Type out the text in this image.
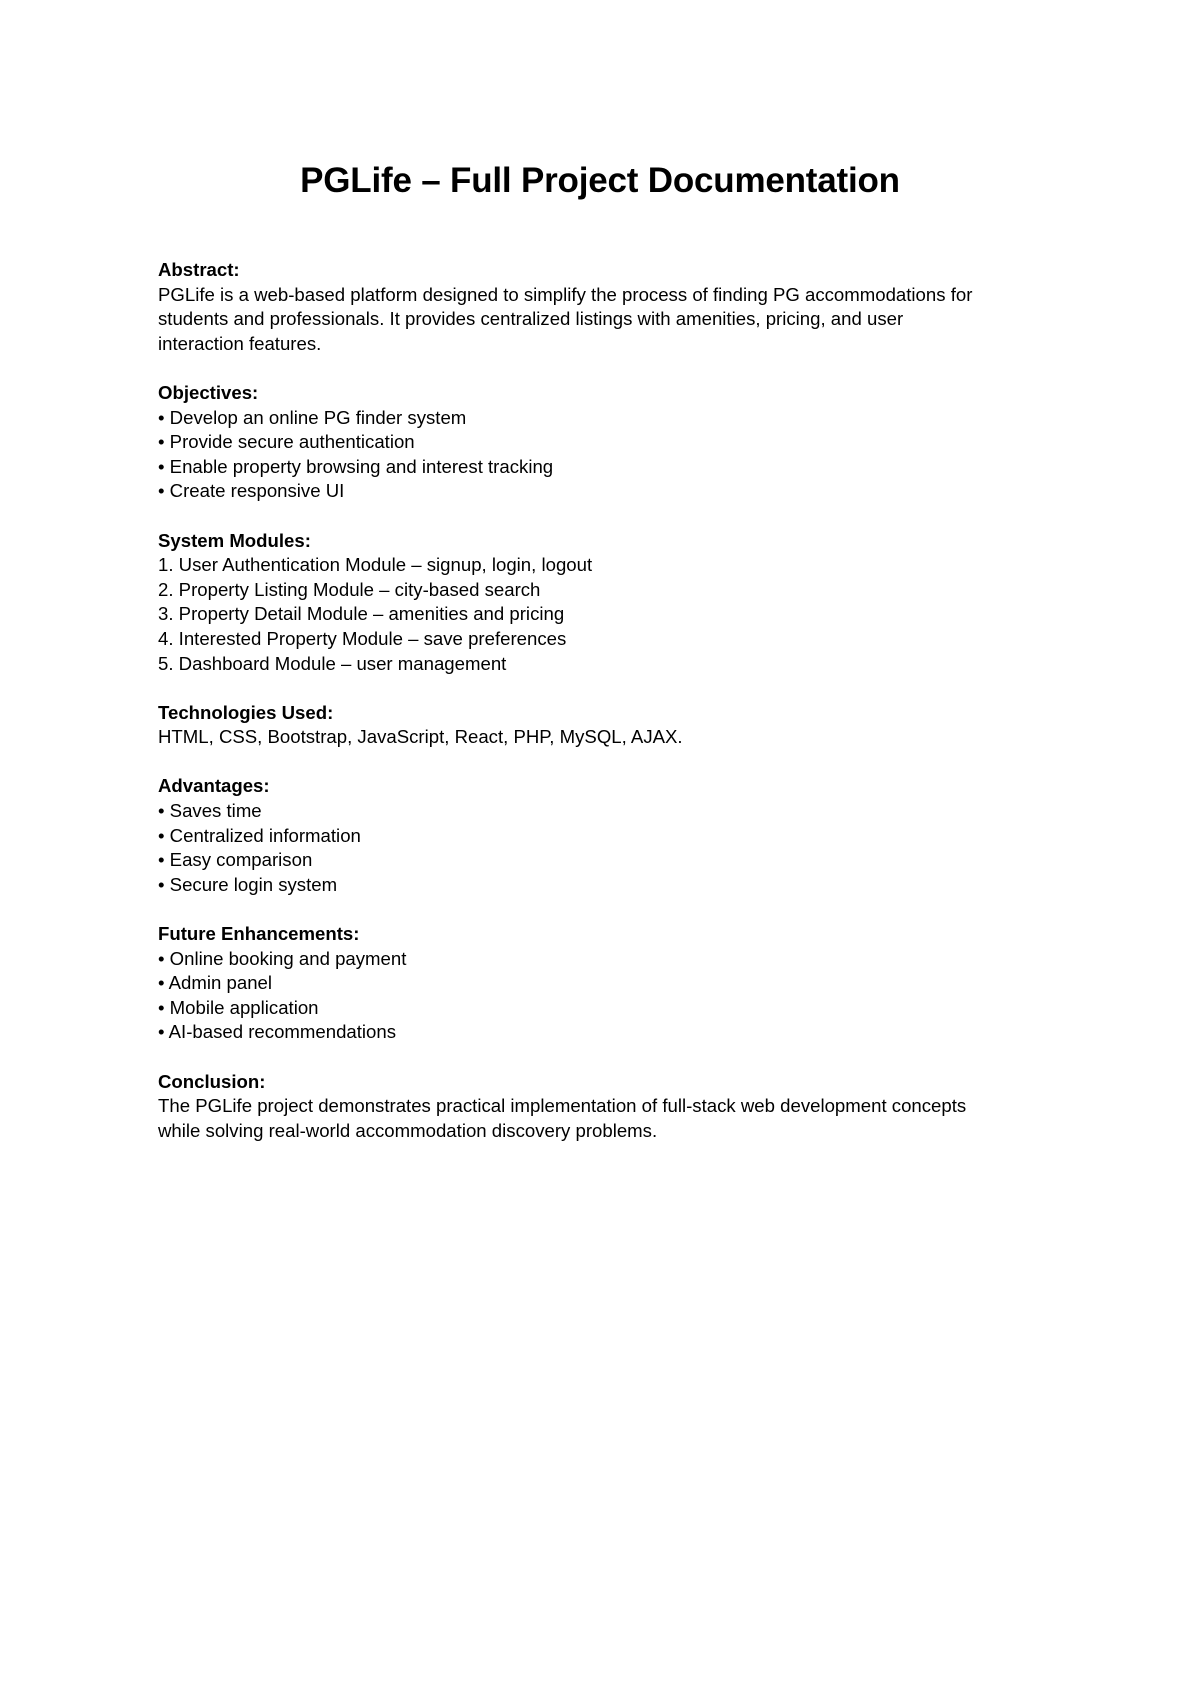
PGLife – Full Project Documentation
Abstract:
PGLife is a web-based platform designed to simplify the process of finding PG accommodations for
students and professionals. It provides centralized listings with amenities, pricing, and user
interaction features.
Objectives:
• Develop an online PG finder system
• Provide secure authentication
• Enable property browsing and interest tracking
• Create responsive UI
System Modules:
1. User Authentication Module – signup, login, logout
2. Property Listing Module – city-based search
3. Property Detail Module – amenities and pricing
4. Interested Property Module – save preferences
5. Dashboard Module – user management
Technologies Used:

HTML, CSS, Bootstrap, JavaScript, React, PHP, MySQL, AJAX.

Advantages:
• Saves time
• Centralized information
• Easy comparison
• Secure login system
Future Enhancements:
• Online booking and payment
• Admin panel
• Mobile application
• AI-based recommendations
Conclusion:
The PGLife project demonstrates practical implementation of full-stack web development concepts
while solving real-world accommodation discovery problems.
